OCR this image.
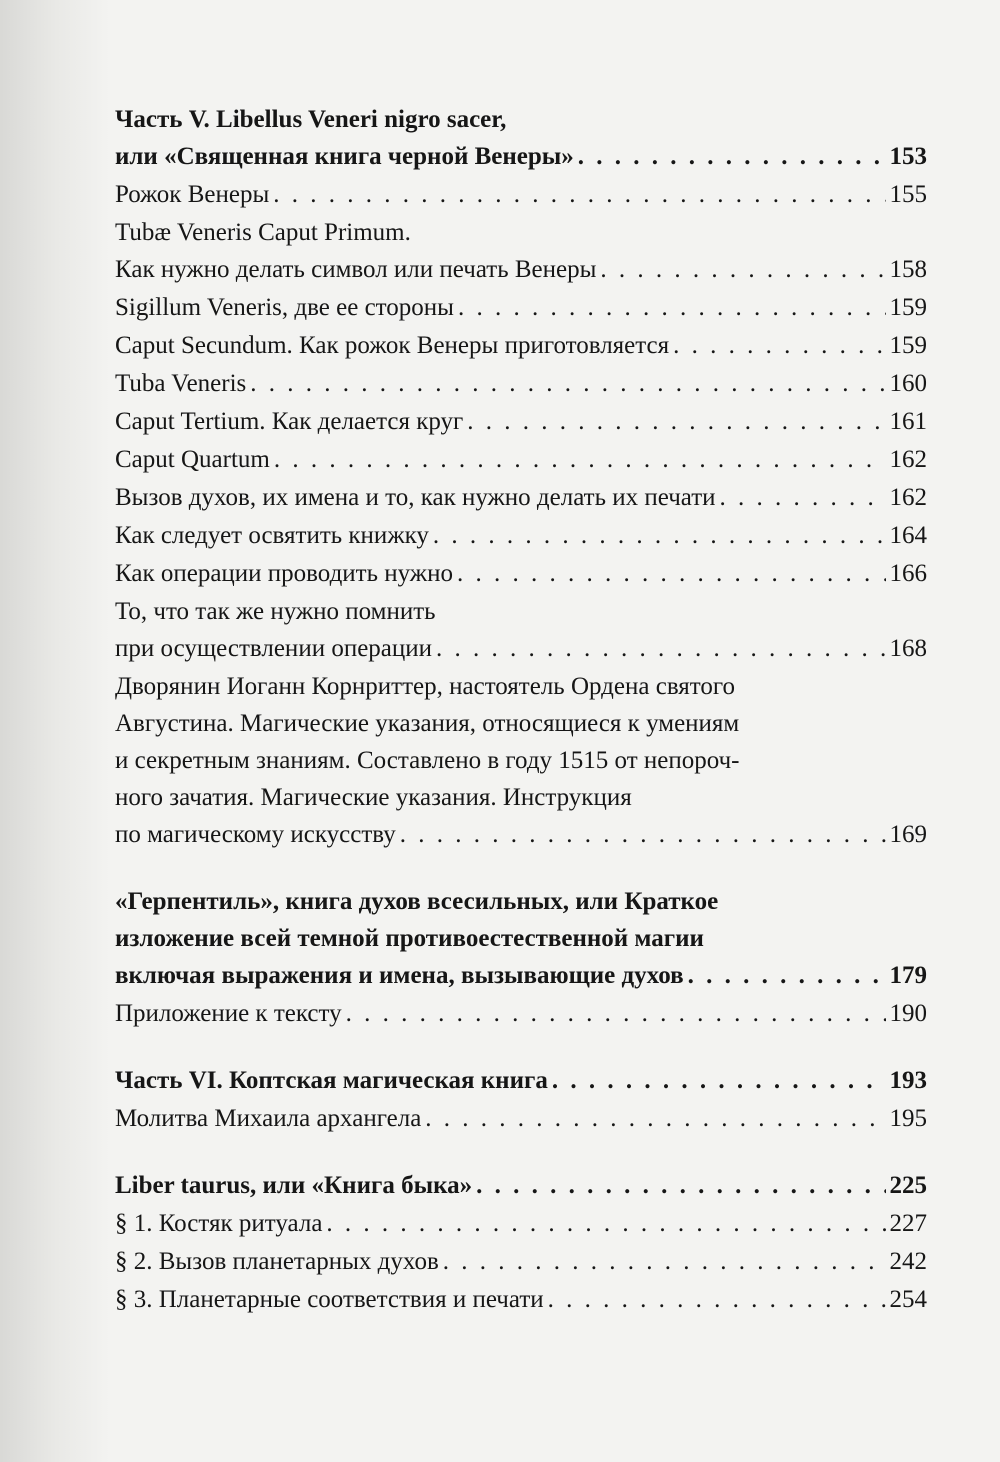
Часть V. Libellus Veneri nigro sacer,
или «Священная книга черной Венеры» . . .	153
Рожок Венеры . . .	155
Tubæ Veneris Caput Primum.
Как нужно делать символ или печать Венеры . . .	158
Sigillum Veneris, две ее стороны . . .	159
Caput Secundum. Как рожок Венеры приготовляется . . .	159
Tuba Veneris . . .	160
Caput Tertium. Как делается круг . . .	161
Caput Quartum . . .	162
Вызов духов, их имена и то, как нужно делать их печати . . .	162
Как следует освятить книжку . . .	164
Как операции проводить нужно . . .	166
То, что так же нужно помнить
при осуществлении операции . . .	168
Дворянин Иоганн Корнриттер, настоятель Ордена святого
Августина. Магические указания, относящиеся к умениям
и секретным знаниям. Составлено в году 1515 от непороч-
ного зачатия. Магические указания. Инструкция
по магическому искусству . . .	169
«Герпентиль», книга духов всесильных, или Краткое
изложение всей темной противоестественной магии
включая выражения и имена, вызывающие духов . . .	179
Приложение к тексту . . .	190
Часть VI. Коптская магическая книга . . .	193
Молитва Михаила архангела . . .	195
Liber taurus, или «Книга быка» . . .	225
§ 1. Костяк ритуала . . .	227
§ 2. Вызов планетарных духов . . .	242
§ 3. Планетарные соответствия и печати . . .	254
